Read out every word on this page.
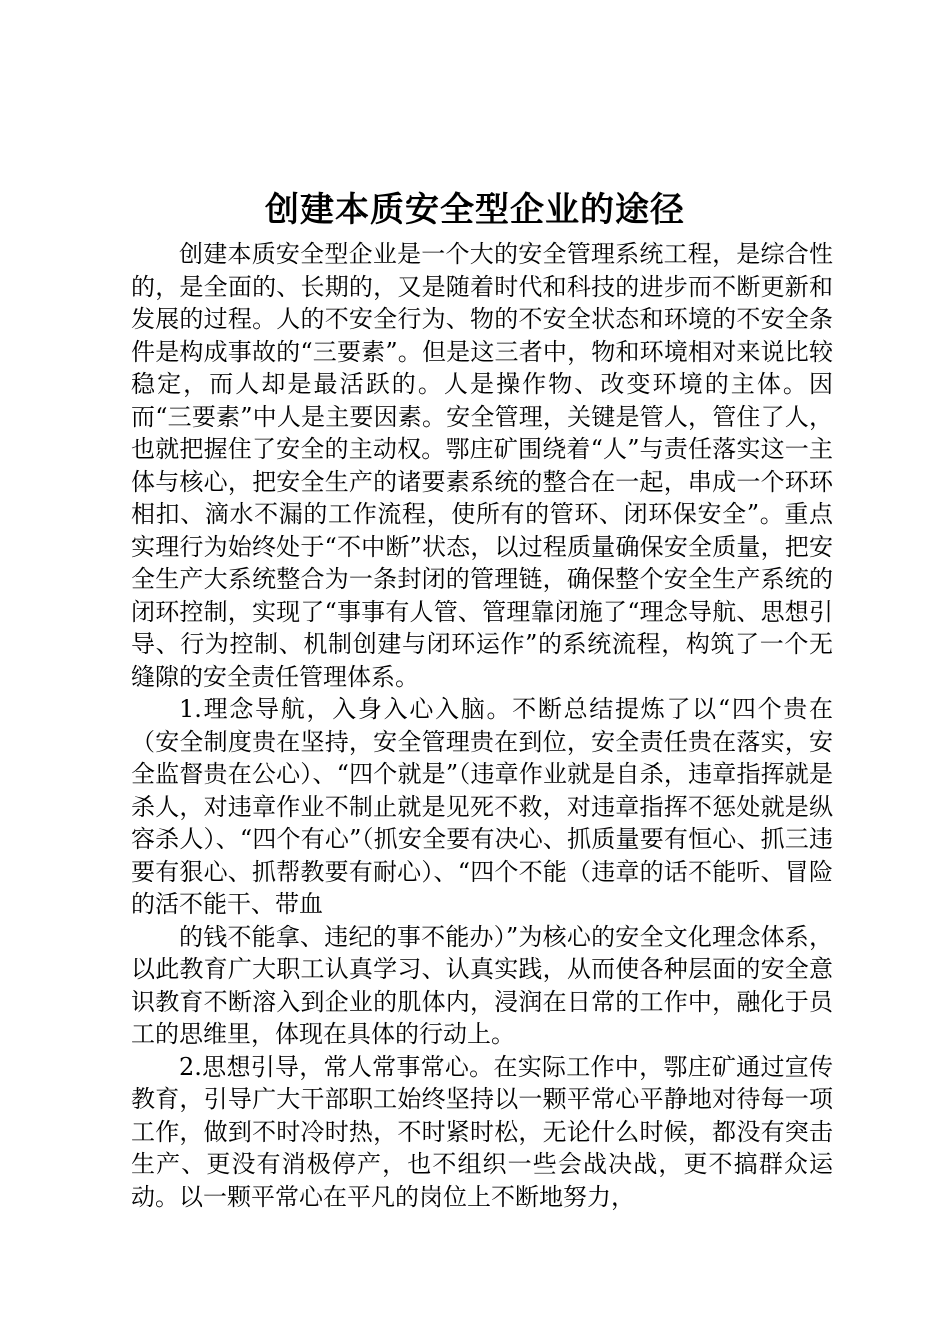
创建本质安全型企业的途径

创建本质安全型企业是一个大的安全管理系统工程，是综合性的，是全面的、长期的，又是随着时代和科技的进步而不断更新和发展的过程。人的不安全行为、物的不安全状态和环境的不安全条件是构成事故的“三要素”。但是这三者中，物和环境相对来说比较稳定，而人却是最活跃的。人是操作物、改变环境的主体。因而“三要素”中人是主要因素。安全管理，关键是管人，管住了人，也就把握住了安全的主动权。鄂庄矿围绕着“人”与责任落实这一主体与核心，把安全生产的诸要素系统的整合在一起，串成一个环环相扣、滴水不漏的工作流程，使所有的管环、闭环保安全”。重点实理行为始终处于“不中断”状态，以过程质量确保安全质量，把安全生产大系统整合为一条封闭的管理链，确保整个安全生产系统的闭环控制，实现了“事事有人管、管理靠闭施了“理念导航、思想引导、行为控制、机制创建与闭环运作”的系统流程，构筑了一个无缝隙的安全责任管理体系。

1.理念导航，入身入心入脑。不断总结提炼了以“四个贵在（安全制度贵在坚持，安全管理贵在到位，安全责任贵在落实，安全监督贵在公心）、“四个就是”（违章作业就是自杀，违章指挥就是杀人，对违章作业不制止就是见死不救，对违章指挥不惩处就是纵容杀人）、“四个有心”（抓安全要有决心、抓质量要有恒心、抓三违要有狠心、抓帮教要有耐心）、“四个不能（违章的话不能听、冒险的活不能干、带血

的钱不能拿、违纪的事不能办）”为核心的安全文化理念体系，以此教育广大职工认真学习、认真实践，从而使各种层面的安全意识教育不断溶入到企业的肌体内，浸润在日常的工作中，融化于员工的思维里，体现在具体的行动上。

2.思想引导，常人常事常心。在实际工作中，鄂庄矿通过宣传教育，引导广大干部职工始终坚持以一颗平常心平静地对待每一项工作，做到不时冷时热，不时紧时松，无论什么时候，都没有突击生产、更没有消极停产，也不组织一些会战决战，更不搞群众运动。以一颗平常心在平凡的岗位上不断地努力，
